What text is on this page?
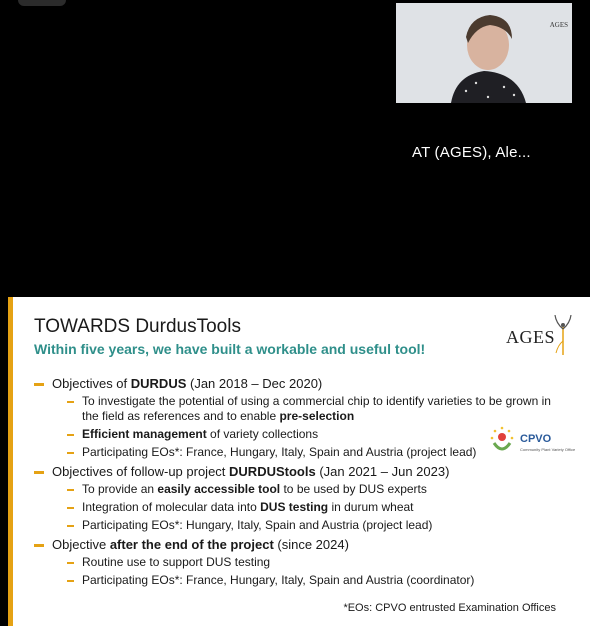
AGES
AT (AGES), Ale...
TOWARDS DurdusTools
Within five years, we have built a workable and useful tool!
AGES
CPVO
Community Plant Variety Office
Objectives of DURDUS (Jan 2018 – Dec 2020)
To investigate the potential of using a commercial chip to identify varieties to be grown in the field as references and to enable pre-selection
Efficient management of variety collections
Participating EOs*: France, Hungary, Italy, Spain and Austria (project lead)
Objectives of follow-up project DURDUStools (Jan 2021 – Jun 2023)
To provide an easily accessible tool to be used by DUS experts
Integration of molecular data into DUS testing in durum wheat
Participating EOs*: Hungary, Italy, Spain and Austria (project lead)
Objective after the end of the project (since 2024)
Routine use to support DUS testing
Participating EOs*: France, Hungary, Italy, Spain and Austria (coordinator)
*EOs: CPVO entrusted Examination Offices
